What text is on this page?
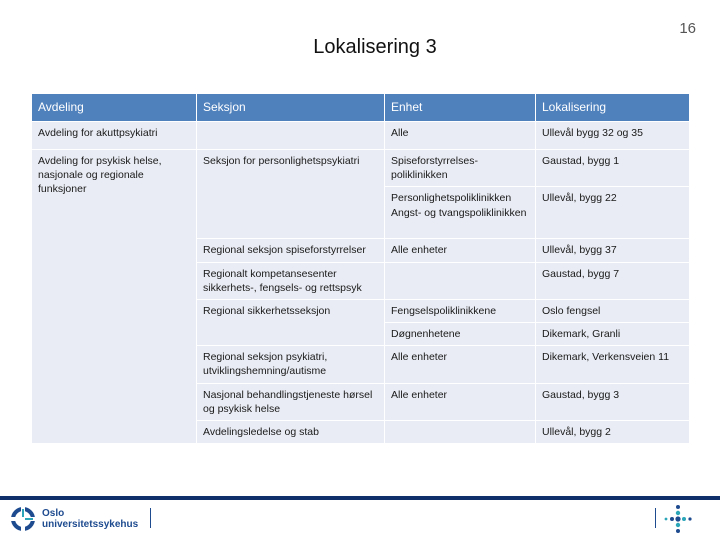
16
Lokalisering 3
Avdeling	Seksjon	Enhet	Lokalisering
Avdeling for akuttpsykiatri		Alle	Ullevål bygg 32 og 35
Avdeling for psykisk helse, nasjonale og regionale funksjoner	Seksjon for personlighetspsykiatri	Spiseforstyrrelses-poliklinikken	Gaustad, bygg 1
		Personlighetspoliklinikken Angst- og tvangspoliklinikken	Ullevål, bygg 22
	Regional seksjon spiseforstyrrelser	Alle enheter	Ullevål, bygg 37
	Regionalt kompetansesenter sikkerhets-, fengsels- og rettspsyk		Gaustad, bygg 7
	Regional sikkerhetsseksjon	Fengselspoliklinikkene	Oslo fengsel
		Døgnenhetene	Dikemark, Granli
	Regional seksjon psykiatri, utviklingshemning/autisme	Alle enheter	Dikemark, Verkensveien 11
	Nasjonal behandlingstjeneste hørsel og psykisk helse	Alle enheter	Gaustad, bygg 3
	Avdelingsledelse og stab		Ullevål, bygg 2
Oslo
universitetssykehus
